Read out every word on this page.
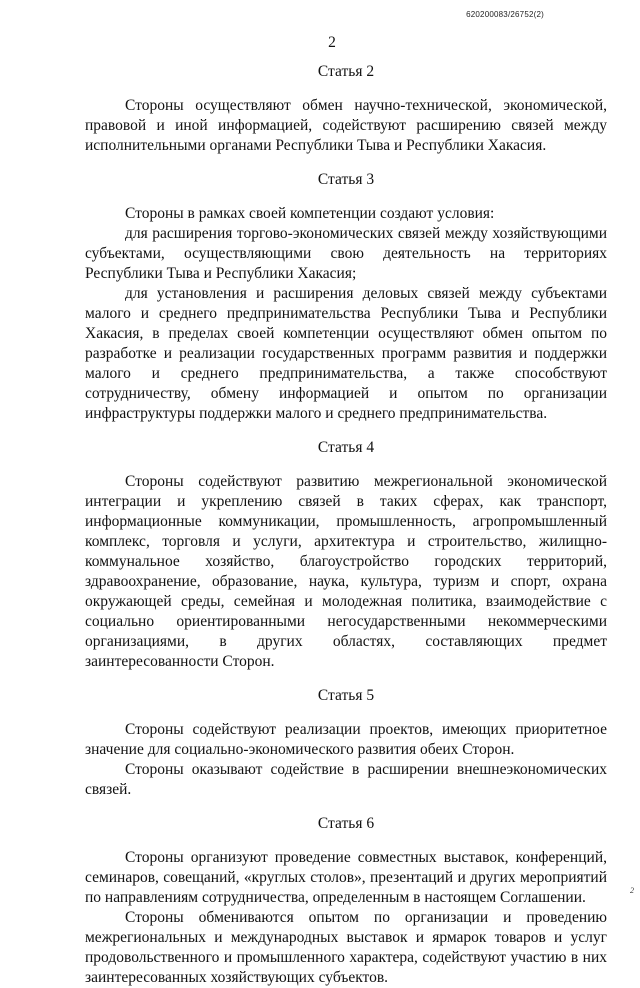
620200083/26752(2)
2

Статья 2

Стороны осуществляют обмен научно-технической, экономической, правовой и иной информацией, содействуют расширению связей между исполнительными органами Республики Тыва и Республики Хакасия.

Статья 3

Стороны в рамках своей компетенции создают условия:

для расширения торгово-экономических связей между хозяйствующими субъектами, осуществляющими свою деятельность на территориях Республики Тыва и Республики Хакасия;

для установления и расширения деловых связей между субъектами малого и среднего предпринимательства Республики Тыва и Республики Хакасия, в пределах своей компетенции осуществляют обмен опытом по разработке и реализации государственных программ развития и поддержки малого и среднего предпринимательства, а также способствуют сотрудничеству, обмену информацией и опытом по организации инфраструктуры поддержки малого и среднего предпринимательства.

Статья 4

Стороны содействуют развитию межрегиональной экономической интеграции и укреплению связей в таких сферах, как транспорт, информационные коммуникации, промышленность, агропромышленный комплекс, торговля и услуги, архитектура и строительство, жилищно-коммунальное хозяйство, благоустройство городских территорий, здравоохранение, образование, наука, культура, туризм и спорт, охрана окружающей среды, семейная и молодежная политика, взаимодействие с социально ориентированными негосударственными некоммерческими организациями, в других областях, составляющих предмет заинтересованности Сторон.

Статья 5

Стороны содействуют реализации проектов, имеющих приоритетное значение для социально-экономического развития обеих Сторон.

Стороны оказывают содействие в расширении внешнеэкономических связей.

Статья 6

Стороны организуют проведение совместных выставок, конференций, семинаров, совещаний, «круглых столов», презентаций и других мероприятий по направлениям сотрудничества, определенным в настоящем Соглашении.

Стороны обмениваются опытом по организации и проведению межрегиональных и международных выставок и ярмарок товаров и услуг продовольственного и промышленного характера, содействуют участию в них заинтересованных хозяйствующих субъектов.

2
